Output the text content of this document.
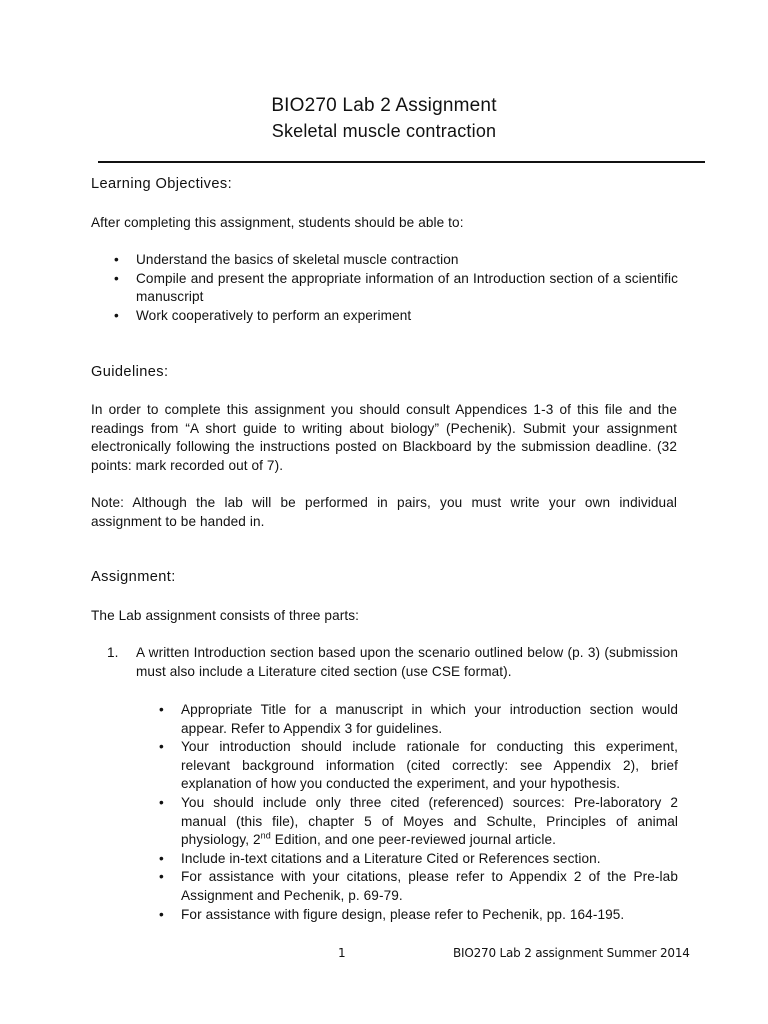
BIO270 Lab 2 Assignment
Skeletal muscle contraction
Learning Objectives:
After completing this assignment, students should be able to:
• Understand the basics of skeletal muscle contraction
• Compile and present the appropriate information of an Introduction section of a scientific manuscript
• Work cooperatively to perform an experiment
Guidelines:
In order to complete this assignment you should consult Appendices 1-3 of this file and the readings from “A short guide to writing about biology” (Pechenik). Submit your assignment electronically following the instructions posted on Blackboard by the submission deadline. (32 points: mark recorded out of 7).
Note: Although the lab will be performed in pairs, you must write your own individual assignment to be handed in.
Assignment:
The Lab assignment consists of three parts:
1. A written Introduction section based upon the scenario outlined below (p. 3) (submission must also include a Literature cited section (use CSE format).
• Appropriate Title for a manuscript in which your introduction section would appear. Refer to Appendix 3 for guidelines.
• Your introduction should include rationale for conducting this experiment, relevant background information (cited correctly: see Appendix 2), brief explanation of how you conducted the experiment, and your hypothesis.
• You should include only three cited (referenced) sources: Pre-laboratory 2 manual (this file), chapter 5 of Moyes and Schulte, Principles of animal physiology, 2nd Edition, and one peer-reviewed journal article.
• Include in-text citations and a Literature Cited or References section.
• For assistance with your citations, please refer to Appendix 2 of the Pre-lab Assignment and Pechenik, p. 69-79.
• For assistance with figure design, please refer to Pechenik, pp. 164-195.
1	BIO270 Lab 2 assignment Summer 2014
